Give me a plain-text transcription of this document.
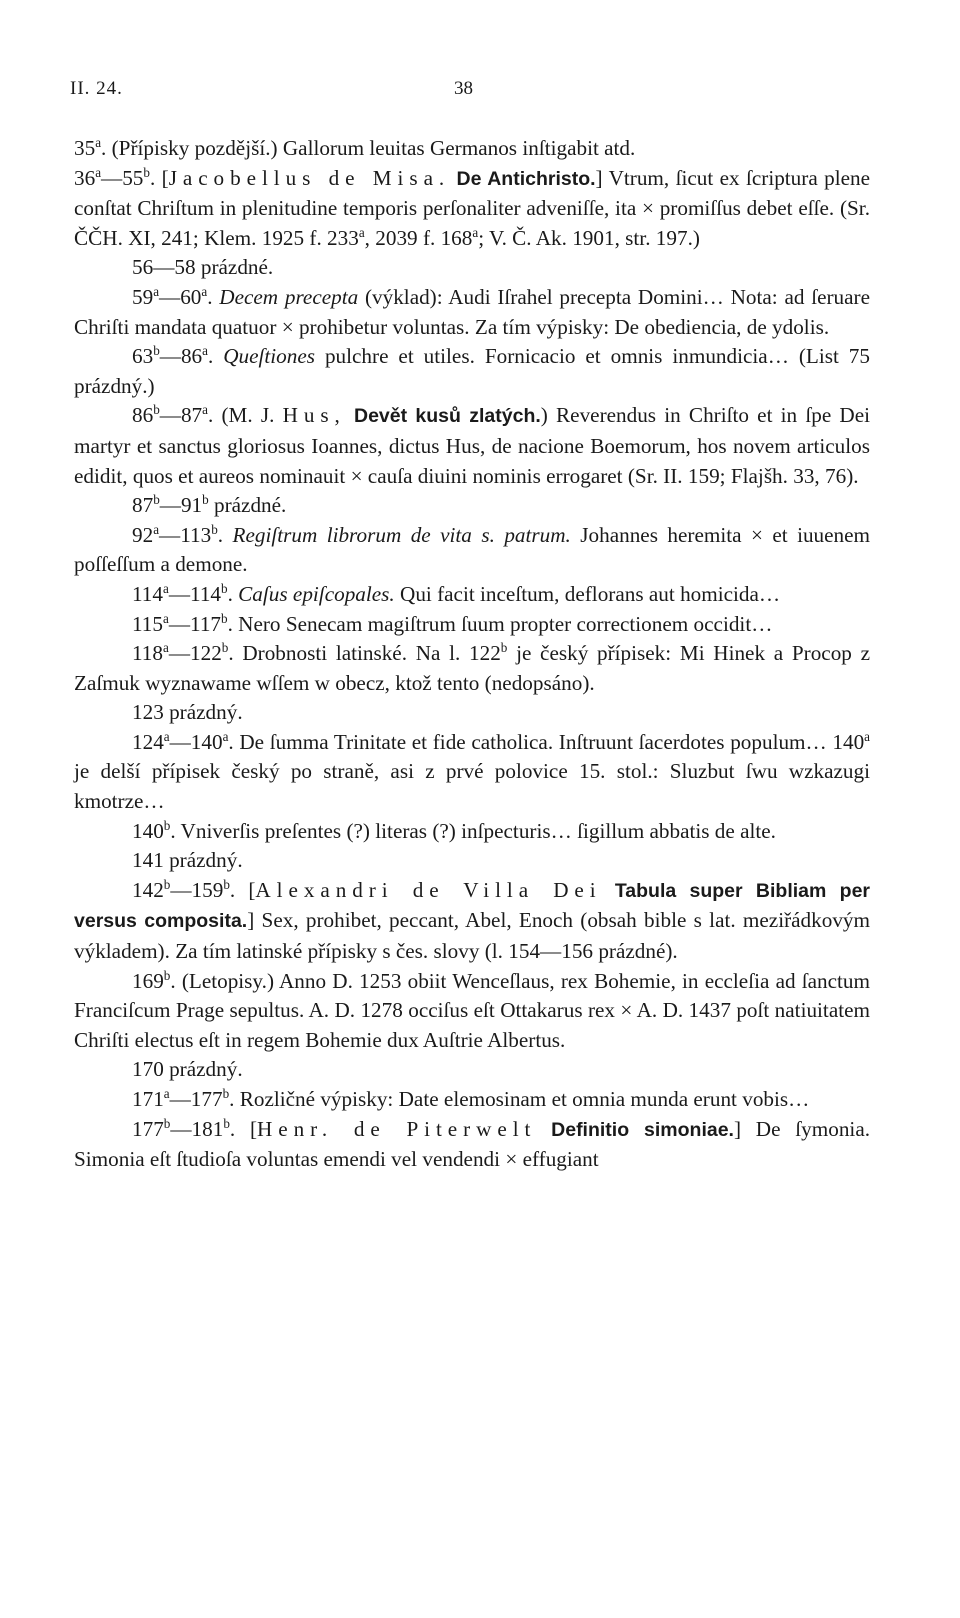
II. 24.	38

35$^a$. (Přípisky pozdější.) Gallorum leuitas Germanos inſtigabit atd.

36$^a$—55$^b$. [Jacobellus de Misa. De Antichristo.] Vtrum, ſicut ex ſcriptura plene conſtat Chriſtum in plenitudine temporis perſonaliter adveniſſe, ita × promiſſus debet eſſe. (Sr. ČČH. XI, 241; Klem. 1925 f. 233$^a$, 2039 f. 168$^a$; V. Č. Ak. 1901, str. 197.)

56—58 prázdné.

59$^a$—60$^a$. Decem precepta (výklad): Audi Iſrahel precepta Domini… Nota: ad ſeruare Chriſti mandata quatuor × prohibetur voluntas. Za tím výpisky: De obediencia, de ydolis.

63$^b$—86$^a$. Queſtiones pulchre et utiles. Fornicacio et omnis inmundicia… (List 75 prázdný.)

86$^b$—87$^a$. (M. J. Hus, Devět kusů zlatých.) Reverendus in Chriſto et in ſpe Dei martyr et sanctus gloriosus Ioannes, dictus Hus, de nacione Boemorum, hos novem articulos edidit, quos et aureos nominauit × cauſa diuini nominis errogaret (Sr. II. 159; Flajšh. 33, 76).

87$^b$—91$^b$ prázdné.

92$^a$—113$^b$. Regiſtrum librorum de vita s. patrum. Johannes heremita × et iuuenem poſſeſſum a demone.

114$^a$—114$^b$. Caſus epiſcopales. Qui facit inceſtum, deflorans aut homicida…

115$^a$—117$^b$. Nero Senecam magiſtrum ſuum propter correctionem occidit…

118$^a$—122$^b$. Drobnosti latinské. Na l. 122$^b$ je český přípisek: Mi Hinek a Procop z Zaſmuk wyznawame wſſem w obecz, ktož tento (nedopsáno).

123 prázdný.

124$^a$—140$^a$. De ſumma Trinitate et fide catholica. Inſtruunt ſacerdotes populum… 140$^a$ je delší přípisek český po straně, asi z prvé polovice 15. stol.: Sluzbut ſwu wzkazugi kmotrze…

140$^b$. Vniverſis preſentes (?) literas (?) inſpecturis… ſigillum abbatis de alte.

141 prázdný.

142$^b$—159$^b$. [Alexandri de Villa Dei Tabula super Bibliam per versus composita.] Sex, prohibet, peccant, Abel, Enoch (obsah bible s lat. meziřádkovým výkladem). Za tím latinské přípisky s čes. slovy (l. 154—156 prázdné).

169$^b$. (Letopisy.) Anno D. 1253 obiit Wenceſlaus, rex Bohemie, in eccleſia ad ſanctum Franciſcum Prage sepultus. A. D. 1278 occiſus eſt Ottakarus rex × A. D. 1437 poſt natiuitatem Chriſti electus eſt in regem Bohemie dux Auſtrie Albertus.

170 prázdný.

171$^a$—177$^b$. Rozličné výpisky: Date elemosinam et omnia munda erunt vobis…

177$^b$—181$^b$. [Henr. de Piterwelt Definitio simoniae.] De ſymonia. Simonia eſt ſtudioſa voluntas emendi vel vendendi × effugiant
